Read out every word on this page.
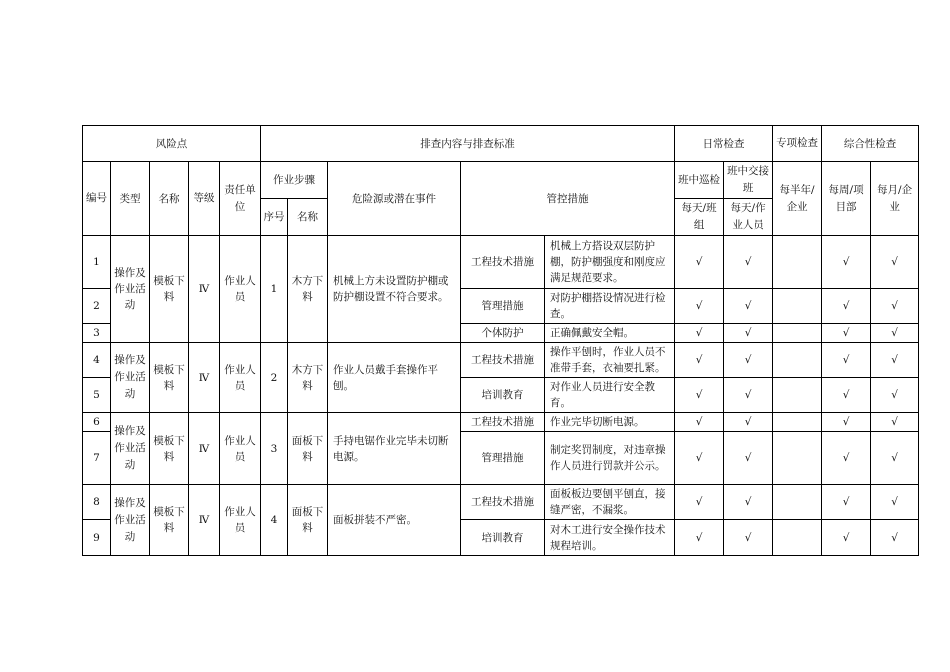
风险点					排查内容与排查标准					日常检查		专项检查	综合性检查	
编号	类型	名称	等级	责任单位	作业步骤		危险源或潜在事件	管控措施		班中巡检	班中交接班	每半年/企业	每周/项目部	每月/企业
					序号	名称				每天/班组	每天/作业人员			
1	操作及作业活动	模板下料	Ⅳ	作业人员	1	木方下料	机械上方未设置防护棚或防护棚设置不符合要求。	工程技术措施	机械上方搭设双层防护棚，防护棚强度和刚度应满足规范要求。	√	√		√	√
2								管理措施	对防护棚搭设情况进行检查。	√	√		√	√
3								个体防护	正确佩戴安全帽。	√	√		√	√
4	操作及作业活动	模板下料	Ⅳ	作业人员	2	木方下料	作业人员戴手套操作平刨。	工程技术措施	操作平刨时，作业人员不准带手套，衣袖要扎紧。	√	√		√	√
5								培训教育	对作业人员进行安全教育。	√	√		√	√
6	操作及作业活动	模板下料	Ⅳ	作业人员	3	面板下料	手持电锯作业完毕未切断电源。	工程技术措施	作业完毕切断电源。	√	√		√	√
7								管理措施	制定奖罚制度，对违章操作人员进行罚款并公示。	√	√		√	√
8	操作及作业活动	模板下料	Ⅳ	作业人员	4	面板下料	面板拼装不严密。	工程技术措施	面板板边要刨平刨直，接缝严密，不漏浆。	√	√		√	√
9								培训教育	对木工进行安全操作技术规程培训。	√	√		√	√
